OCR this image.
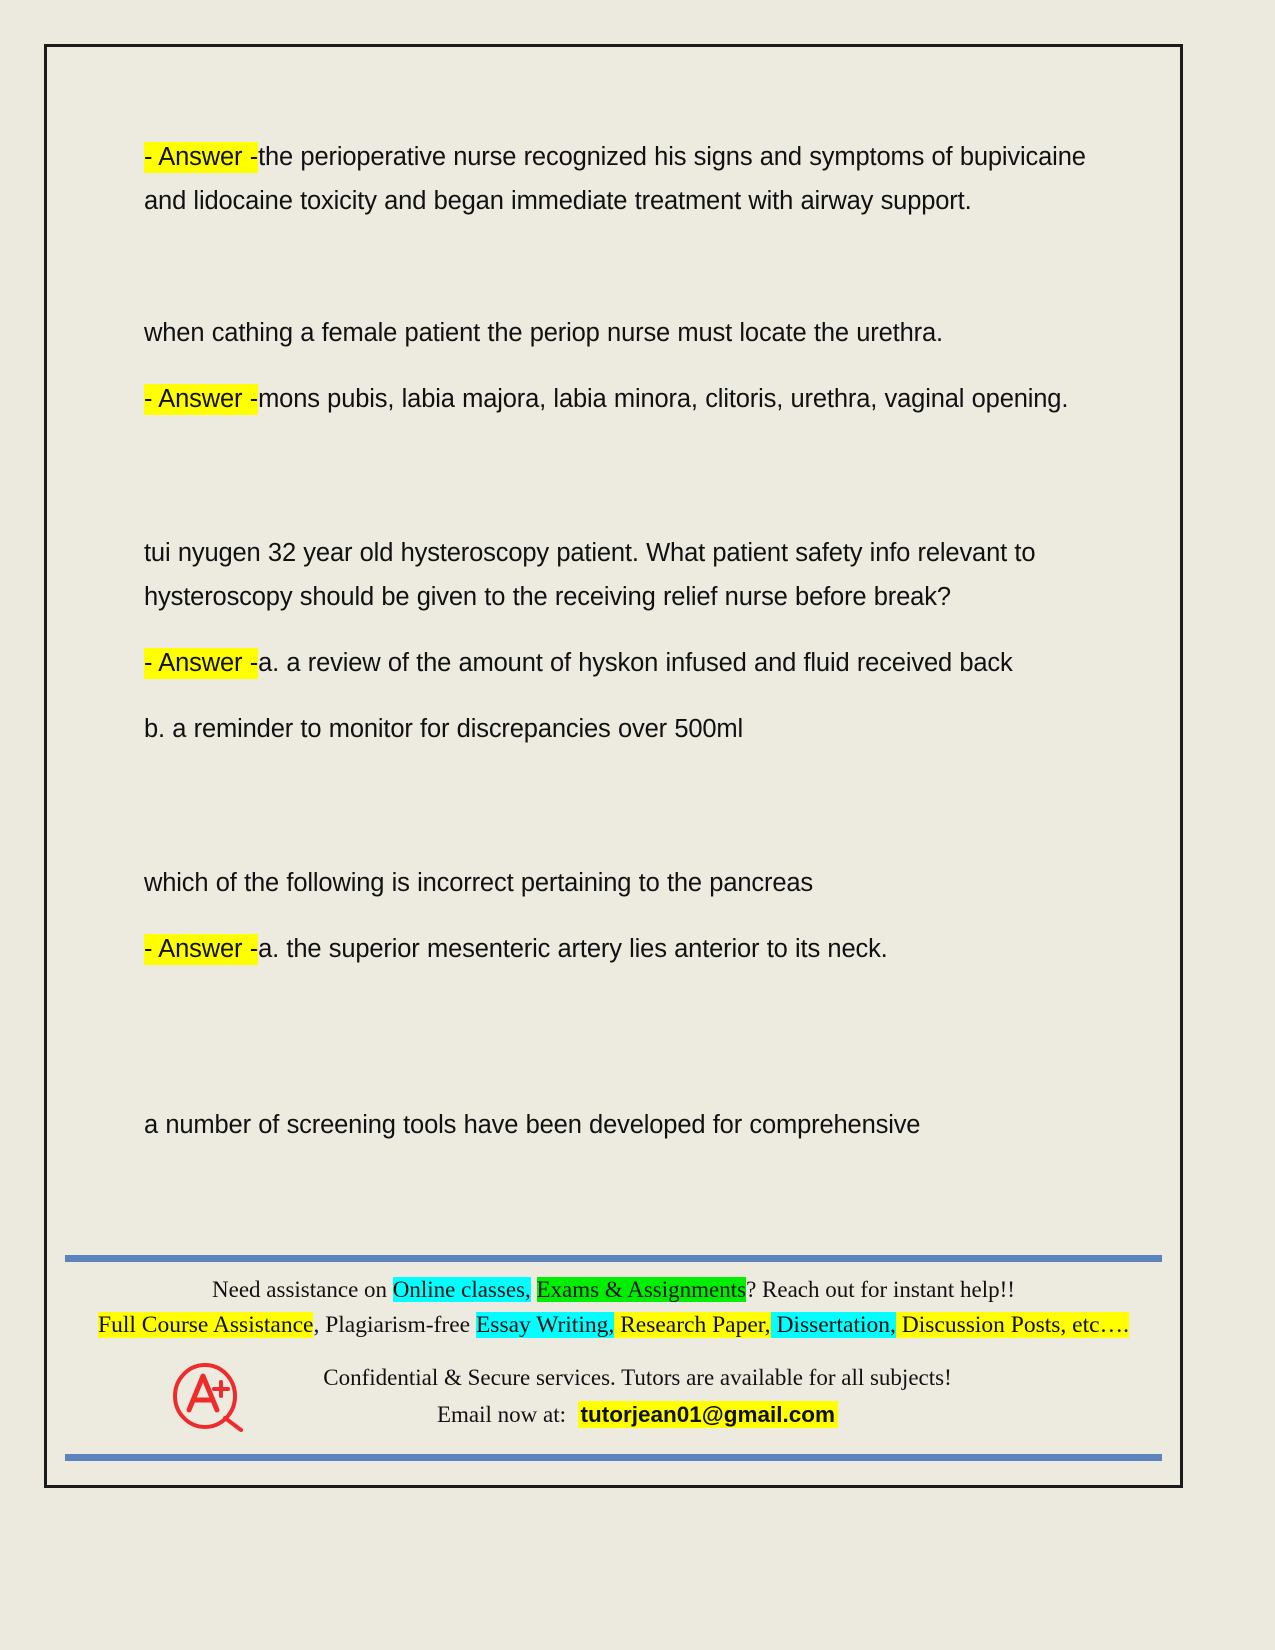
- Answer -the perioperative nurse recognized his signs and symptoms of bupivicaine and lidocaine toxicity and began immediate treatment with airway support.

when cathing a female patient the periop nurse must locate the urethra.

- Answer -mons pubis, labia majora, labia minora, clitoris, urethra, vaginal opening.

tui nyugen 32 year old hysteroscopy patient. What patient safety info relevant to hysteroscopy should be given to the receiving relief nurse before break?

- Answer -a. a review of the amount of hyskon infused and fluid received back

b. a reminder to monitor for discrepancies over 500ml

which of the following is incorrect pertaining to the pancreas

- Answer -a. the superior mesenteric artery lies anterior to its neck.

a number of screening tools have been developed for comprehensive

Need assistance on Online classes, Exams & Assignments? Reach out for instant help!!
Full Course Assistance, Plagiarism-free Essay Writing, Research Paper, Dissertation, Discussion Posts, etc….
Confidential & Secure services. Tutors are available for all subjects!
Email now at: tutorjean01@gmail.com
